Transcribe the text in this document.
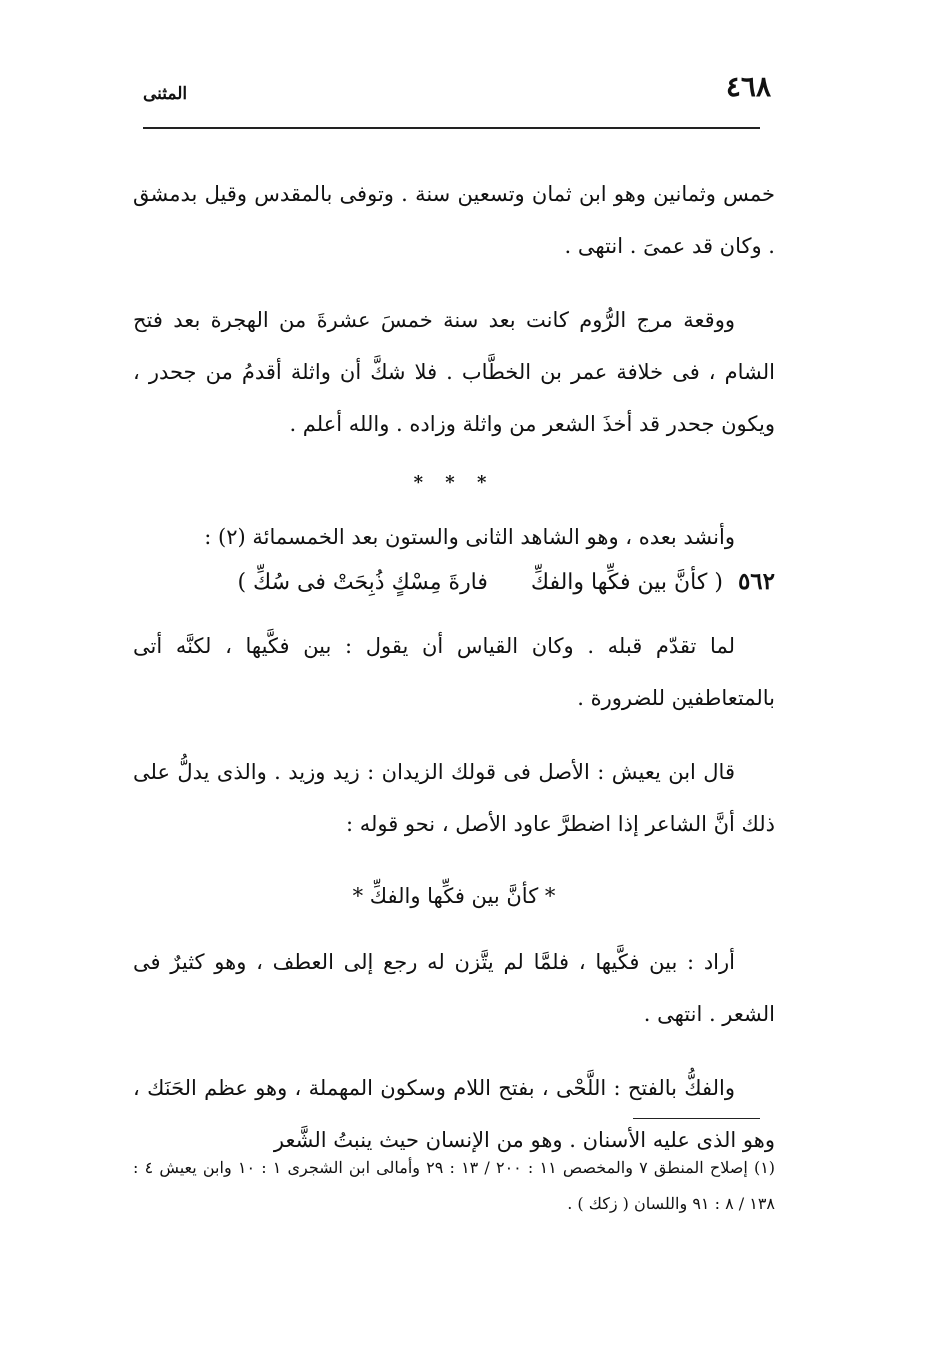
٤٦٨
المثنى

خمس وثمانين وهو ابن ثمان وتسعين سنة . وتوفى بالمقدس وقيل بدمشق . وكان قد عمىَ . انتهى .

ووقعة مرج الرُّوم كانت بعد سنة خمسَ عشرةَ من الهجرة بعد فتح الشام ، فى خلافة عمر بن الخطَّاب . فلا شكَّ أن واثلة أقدمُ من جحدر ، ويكون جحدر قد أخذَ الشعر من واثلة وزاده . والله أعلم .

* * *

وأنشد بعده ، وهو الشاهد الثانى والستون بعد الخمسمائة (٢) :

٥٦٢ ( كأنَّ بين فكِّها والفكِّ فارةَ مِسْكٍ ذُبِحَتْ فى سُكِّ )

لما تقدّم قبله . وكان القياس أن يقول : بين فكَّيها ، لكنَّه أتى بالمتعاطفين للضرورة .

قال ابن يعيش : الأصل فى قولك الزيدان : زيد وزيد . والذى يدلُّ على ذلك أنَّ الشاعر إذا اضطرَّ عاود الأصل ، نحو قوله :

* كأنَّ بين فكِّها والفكِّ *

أراد : بين فكَّيها ، فلمَّا لم يتَّزن له رجع إلى العطف ، وهو كثيرٌ فى الشعر . انتهى .

والفكُّ بالفتح : اللَّحْى ، بفتح اللام وسكون المهملة ، وهو عظم الحَنَك ، وهو الذى عليه الأسنان . وهو من الإنسان حيث ينبتُ الشَّعر

(١) إصلاح المنطق ٧ والمخصص ١١ : ٢٠٠ / ١٣ : ٢٩ وأمالى ابن الشجرى ١ : ١٠ وابن يعيش ٤ : ١٣٨ / ٨ : ٩١ واللسان ( زكك ) .
